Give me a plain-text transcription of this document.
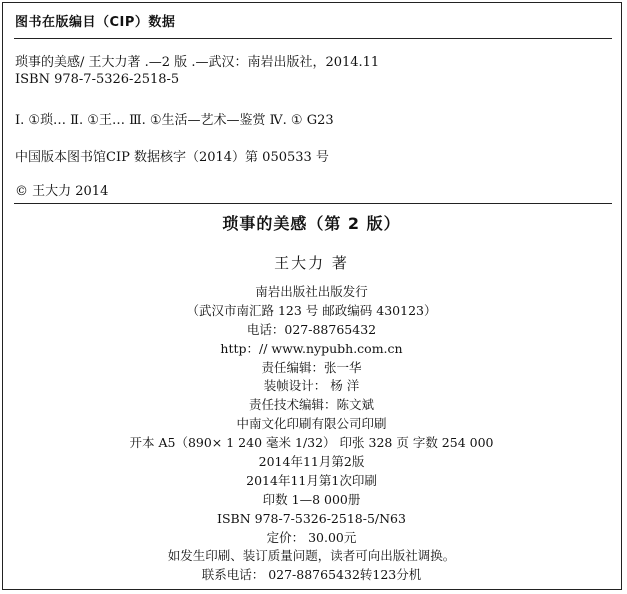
图书在版编目（CIP）数据
琐事的美感/ 王大力著 .—2 版 .—武汉：南岩出版社，2014.11
ISBN 978-7-5326-2518-5
Ⅰ. ①琐… Ⅱ. ①王… Ⅲ. ①生活—艺术—鉴赏 Ⅳ. ① G23
中国版本图书馆CIP 数据核字（2014）第 050533 号
© 王大力 2014
琐事的美感（第 2 版）
王大力 著
南岩出版社出版发行
（武汉市南汇路 123 号 邮政编码 430123）
电话：027-88765432
http：// www.nypubh.com.cn
责任编辑：张一华
装帧设计： 杨 洋
责任技术编辑：陈文斌
中南文化印刷有限公司印刷
开本 A5（890× 1 240 毫米 1/32） 印张 328 页 字数 254 000
2014年11月第2版
2014年11月第1次印刷
印数 1—8 000册
ISBN 978-7-5326-2518-5/N63
定价： 30.00元
如发生印刷、装订质量问题，读者可向出版社调换。
联系电话： 027-88765432转123分机
